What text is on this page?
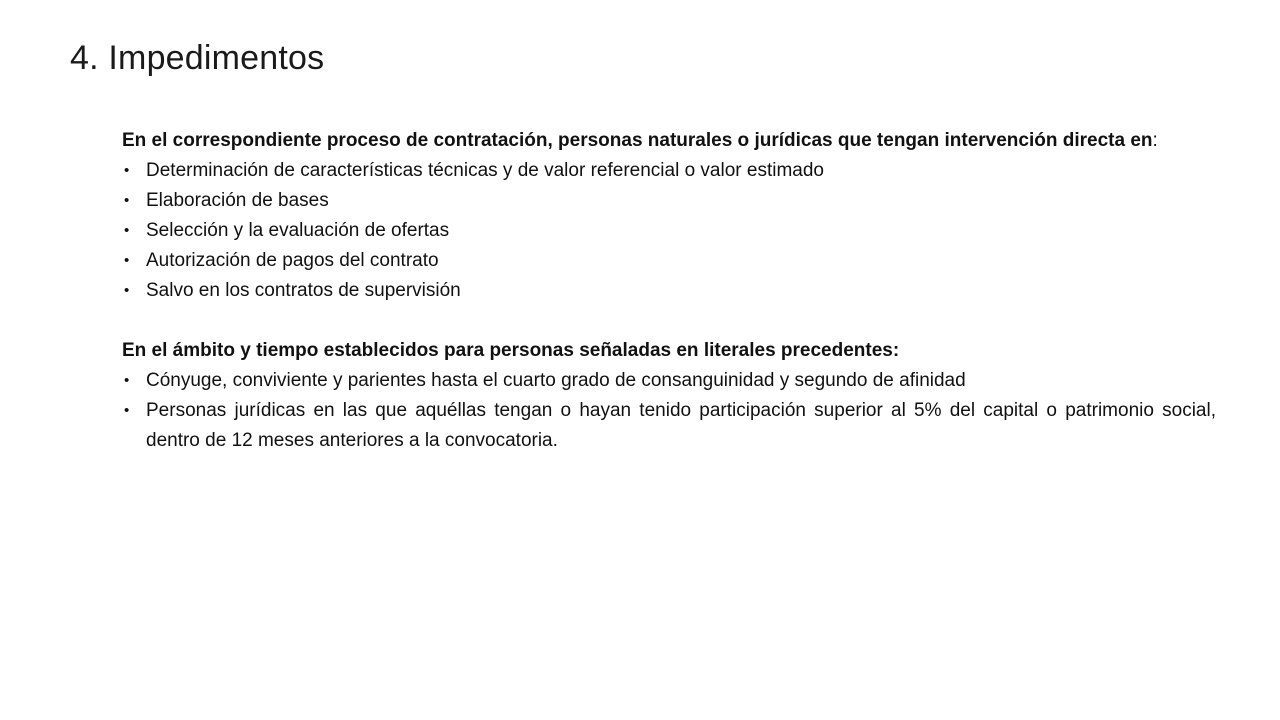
4. Impedimentos

En el correspondiente proceso de contratación, personas naturales o jurídicas que tengan intervención directa en:

• Determinación de características técnicas y de valor referencial o valor estimado
• Elaboración de bases
• Selección y la evaluación de ofertas
• Autorización de pagos del contrato
• Salvo en los contratos de supervisión

En el ámbito y tiempo establecidos para personas señaladas en literales precedentes:

• Cónyuge, conviviente y parientes hasta el cuarto grado de consanguinidad y segundo de afinidad
• Personas jurídicas en las que aquéllas tengan o hayan tenido participación superior al 5% del capital o patrimonio social, dentro de 12 meses anteriores a la convocatoria.
